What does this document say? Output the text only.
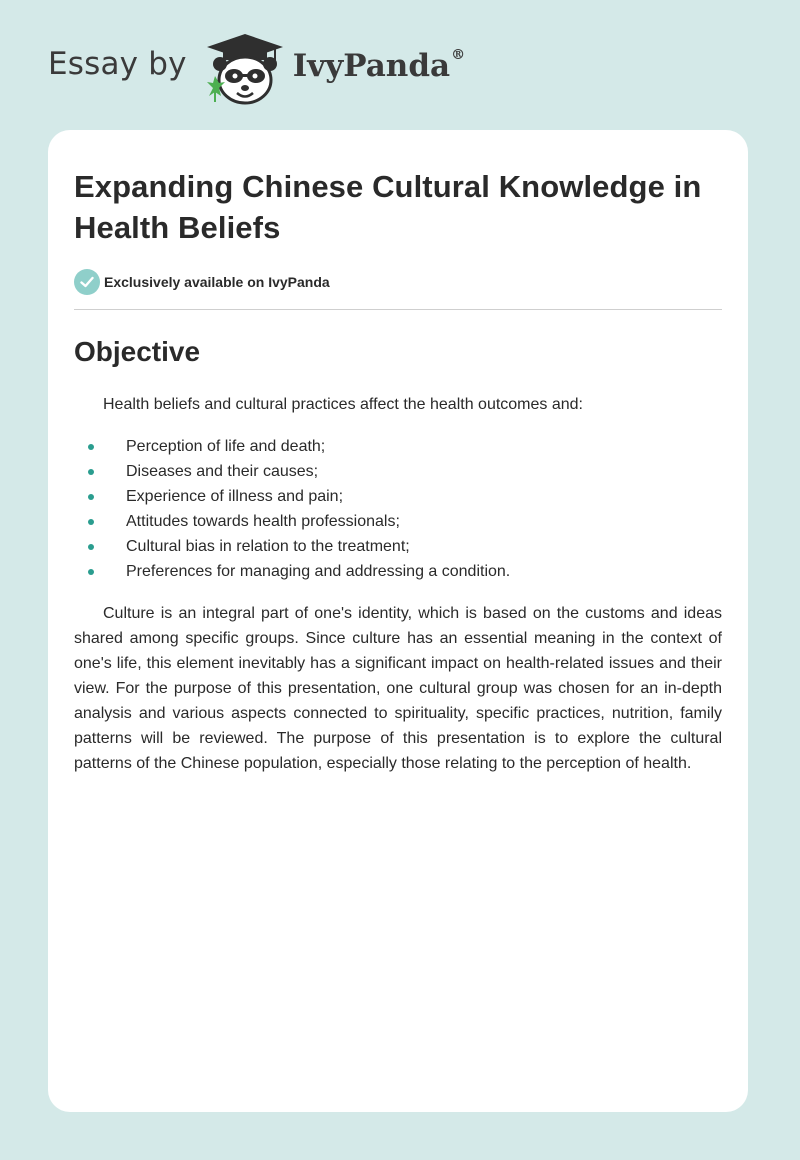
Essay by	IvyPanda®
Expanding Chinese Cultural Knowledge in Health Beliefs
Exclusively available on IvyPanda
Objective

Health beliefs and cultural practices affect the health outcomes and:

Perception of life and death;
Diseases and their causes;
Experience of illness and pain;
Attitudes towards health professionals;
Cultural bias in relation to the treatment;
Preferences for managing and addressing a condition.

Culture is an integral part of one's identity, which is based on the customs and ideas shared among specific groups. Since culture has an essential meaning in the context of one's life, this element inevitably has a significant impact on health-related issues and their view. For the purpose of this presentation, one cultural group was chosen for an in-depth analysis and various aspects connected to spirituality, specific practices, nutrition, family patterns will be reviewed. The purpose of this presentation is to explore the cultural patterns of the Chinese population, especially those relating to the perception of health.
